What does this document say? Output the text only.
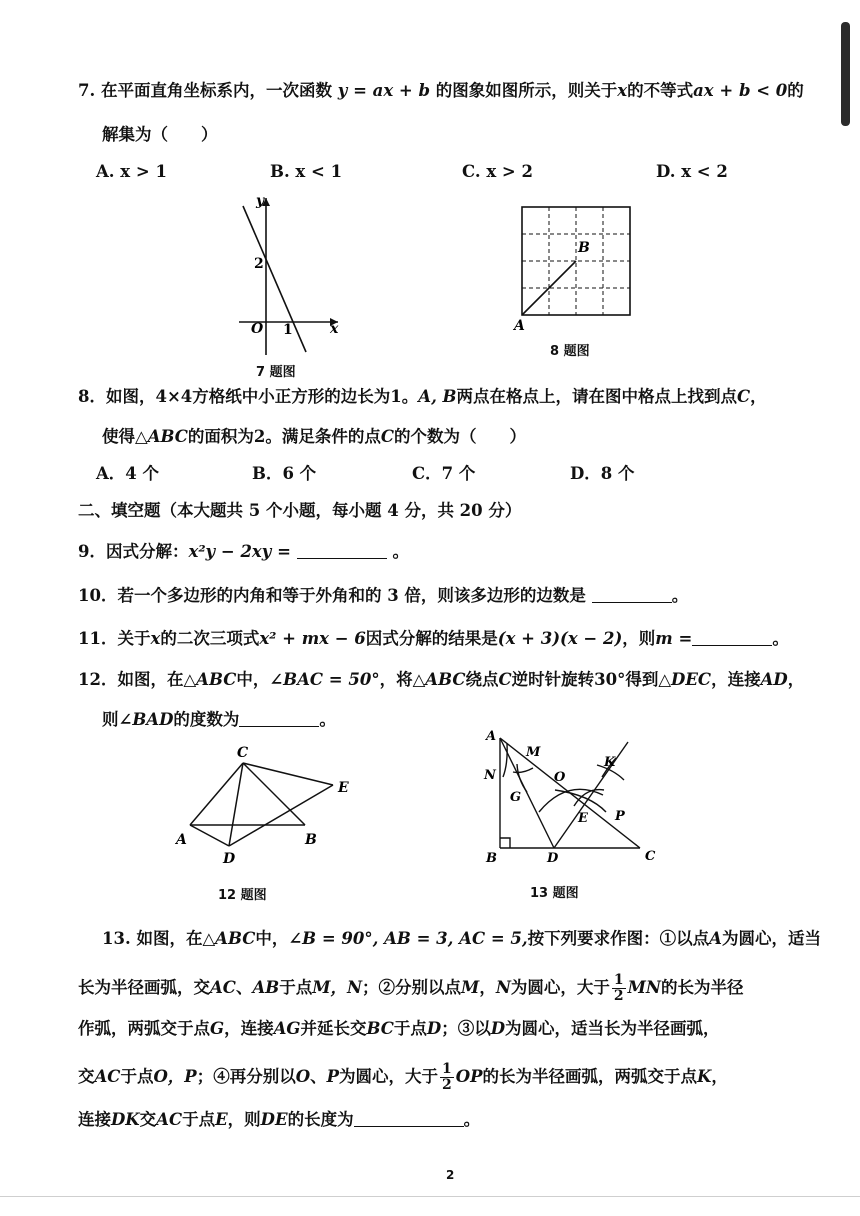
7. 在平面直角坐标系内，一次函数 y = ax + b 的图象如图所示，则关于x的不等式ax + b < 0的
解集为（　　）
A. x > 1	B. x < 1	C. x > 2	D. x < 2
y
x
O
2
1	A
B
C
E
A	B
D
A
M
N
G
O
K
E P
B	D	C
7 题图
8 题图
8．如图，4×4方格纸中小正方形的边长为1。A, B两点在格点上，请在图中格点上找到点C，
使得△ABC的面积为2。满足条件的点C的个数为（　　）
A．4 个	B．6 个	C．7 个	D．8 个
二、填空题（本大题共 5 个小题，每小题 4 分，共 20 分）
9．因式分解：x²y − 2xy =	。
10．若一个多边形的内角和等于外角和的 3 倍，则该多边形的边数是	。
11．关于x的二次三项式x² + mx − 6因式分解的结果是(x + 3)(x − 2)，则m =	。
12．如图，在△ABC中，∠BAC = 50°，将△ABC绕点C逆时针旋转30°得到△DEC，连接AD，
则∠BAD的度数为	。
12 题图	13 题图
13. 如图，在△ABC中，∠B = 90°, AB = 3, AC = 5,按下列要求作图：①以点A为圆心，适当
长为半径画弧，交AC、AB于点M，N；②分别以点M，N为圆心，大于 $\frac{1}{2}$ MN的长为半径
作弧，两弧交于点G，连接AG并延长交BC于点D；③以D为圆心，适当长为半径画弧，
交AC于点O，P；④再分别以O、P为圆心，大于 $\frac{1}{2}$ OP的长为半径画弧，两弧交于点K，
连接DK交AC于点E，则DE的长度为	。
2
